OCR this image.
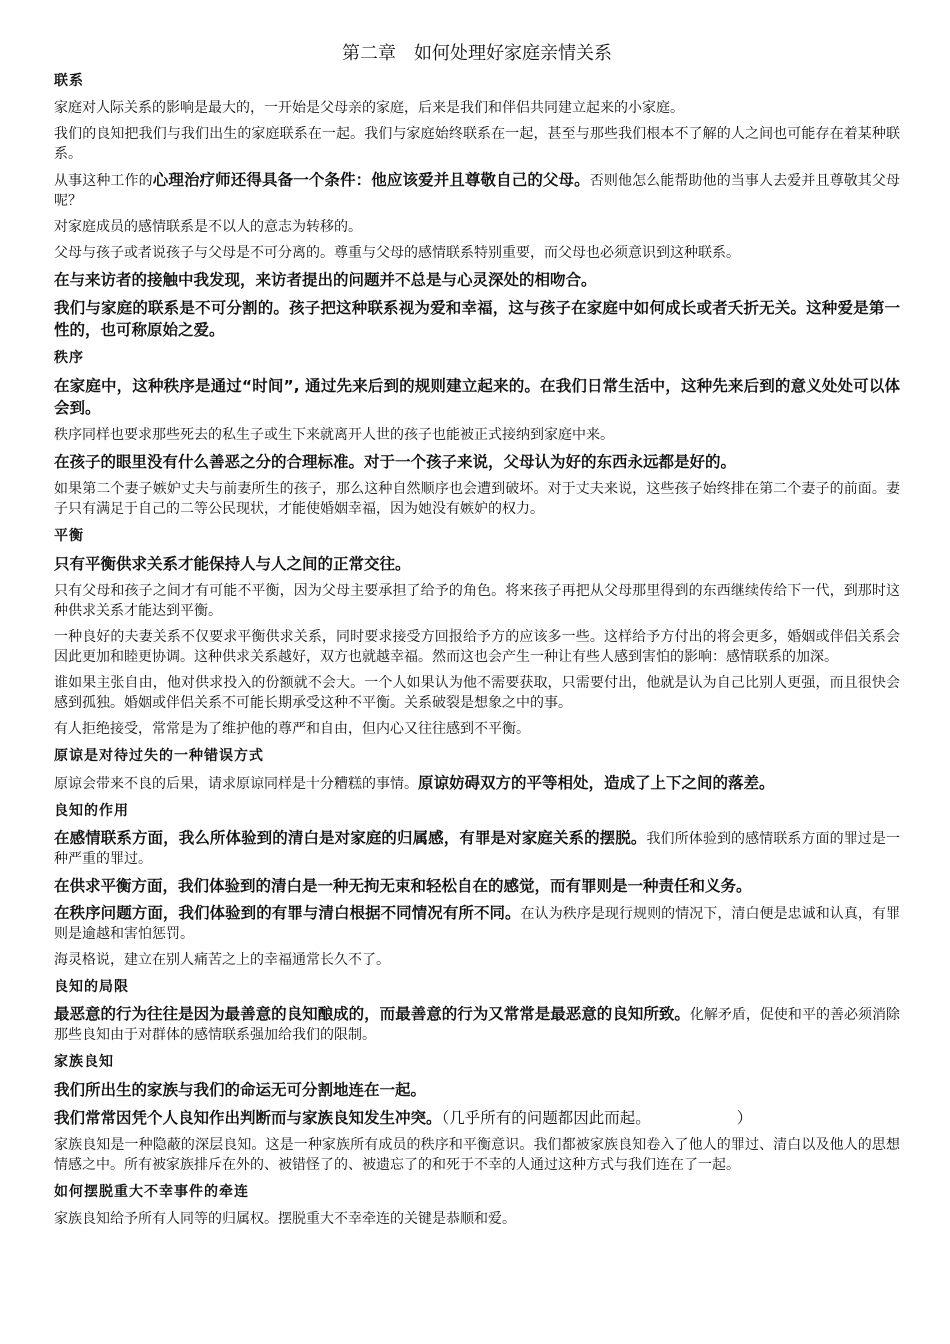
第二章　如何处理好家庭亲情关系
联系
家庭对人际关系的影响是最大的，一开始是父母亲的家庭，后来是我们和伴侣共同建立起来的小家庭。
我们的良知把我们与我们出生的家庭联系在一起。我们与家庭始终联系在一起，甚至与那些我们根本不了解的人之间也可能存在着某种联系。
从事这种工作的心理治疗师还得具备一个条件：他应该爱并且尊敬自己的父母。否则他怎么能帮助他的当事人去爱并且尊敬其父母呢？
对家庭成员的感情联系是不以人的意志为转移的。
父母与孩子或者说孩子与父母是不可分离的。尊重与父母的感情联系特别重要，而父母也必须意识到这种联系。
在与来访者的接触中我发现，来访者提出的问题并不总是与心灵深处的相吻合。
我们与家庭的联系是不可分割的。孩子把这种联系视为爱和幸福，这与孩子在家庭中如何成长或者夭折无关。这种爱是第一性的，也可称原始之爱。
秩序
在家庭中，这种秩序是通过“时间”, 通过先来后到的规则建立起来的。在我们日常生活中，这种先来后到的意义处处可以体会到。
秩序同样也要求那些死去的私生子或生下来就离开人世的孩子也能被正式接纳到家庭中来。
在孩子的眼里没有什么善恶之分的合理标准。对于一个孩子来说，父母认为好的东西永远都是好的。
如果第二个妻子嫉妒丈夫与前妻所生的孩子，那么这种自然顺序也会遭到破坏。对于丈夫来说，这些孩子始终排在第二个妻子的前面。妻子只有满足于自己的二等公民现状，才能使婚姻幸福，因为她没有嫉妒的权力。
平衡
只有平衡供求关系才能保持人与人之间的正常交往。
只有父母和孩子之间才有可能不平衡，因为父母主要承担了给予的角色。将来孩子再把从父母那里得到的东西继续传给下一代，到那时这种供求关系才能达到平衡。
一种良好的夫妻关系不仅要求平衡供求关系，同时要求接受方回报给予方的应该多一些。这样给予方付出的将会更多，婚姻或伴侣关系会因此更加和睦更协调。这种供求关系越好，双方也就越幸福。然而这也会产生一种让有些人感到害怕的影响：感情联系的加深。
谁如果主张自由，他对供求投入的份额就不会大。一个人如果认为他不需要获取，只需要付出，他就是认为自己比别人更强，而且很快会感到孤独。婚姻或伴侣关系不可能长期承受这种不平衡。关系破裂是想象之中的事。
有人拒绝接受，常常是为了维护他的尊严和自由，但内心又往往感到不平衡。
原谅是对待过失的一种错误方式
原谅会带来不良的后果，请求原谅同样是十分糟糕的事情。原谅妨碍双方的平等相处，造成了上下之间的落差。
良知的作用
在感情联系方面，我么所体验到的清白是对家庭的归属感，有罪是对家庭关系的摆脱。我们所体验到的感情联系方面的罪过是一种严重的罪过。
在供求平衡方面，我们体验到的清白是一种无拘无束和轻松自在的感觉，而有罪则是一种责任和义务。
在秩序问题方面，我们体验到的有罪与清白根据不同情况有所不同。在认为秩序是现行规则的情况下，清白便是忠诚和认真，有罪则是逾越和害怕惩罚。
海灵格说，建立在别人痛苦之上的幸福通常长久不了。
良知的局限
最恶意的行为往往是因为最善意的良知酿成的，而最善意的行为又常常是最恶意的良知所致。化解矛盾，促使和平的善必须消除那些良知由于对群体的感情联系强加给我们的限制。
家族良知
我们所出生的家族与我们的命运无可分割地连在一起。
我们常常因凭个人良知作出判断而与家族良知发生冲突。（几乎所有的问题都因此而起。	）
家族良知是一种隐蔽的深层良知。这是一种家族所有成员的秩序和平衡意识。我们都被家族良知卷入了他人的罪过、清白以及他人的思想情感之中。所有被家族排斥在外的、被错怪了的、被遗忘了的和死于不幸的人通过这种方式与我们连在了一起。
如何摆脱重大不幸事件的牵连
家族良知给予所有人同等的归属权。摆脱重大不幸牵连的关键是恭顺和爱。
